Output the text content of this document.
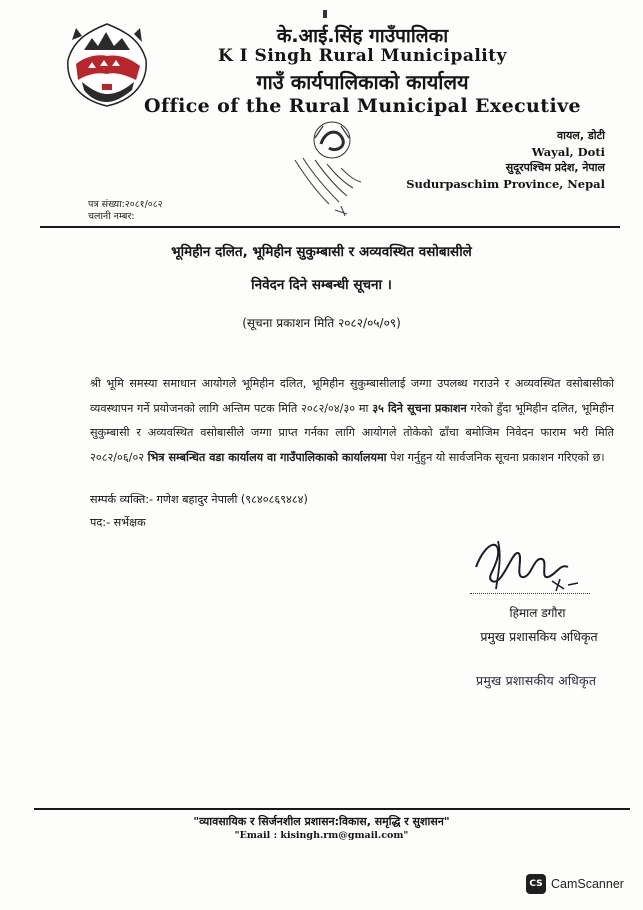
के.आई.सिंह गाउँपालिका
K I Singh Rural Municipality
गाउँ कार्यपालिकाको कार्यालय
Office of the Rural Municipal Executive
वायल, डोटी
Wayal, Doti
सुदूरपश्चिम प्रदेश, नेपाल
Sudurpaschim Province, Nepal
पत्र संख्या:२०८१/०८२
चलानी नम्बर:
भूमिहीन दलित, भूमिहीन सुकुम्बासी र अव्यवस्थित वसोबासीले
निवेदन दिने सम्बन्धी सूचना ।
(सूचना प्रकाशन मिति २०८२/०५/०९)
श्री भूमि समस्या समाधान आयोगले भूमिहीन दलित, भूमिहीन सुकुम्बासीलाई जग्गा उपलब्ध गराउने र अव्यवस्थित वसोबासीको व्यवस्थापन गर्ने प्रयोजनको लागि अन्तिम पटक मिति २०८२/०४/३० मा ३५ दिने सूचना प्रकाशन गरेको हुँदा भूमिहीन दलित, भूमिहीन सुकुम्बासी र अव्यवस्थित वसोबासीले जग्गा प्राप्त गर्नका लागि आयोगले तोकेको ढाँचा बमोजिम निवेदन फाराम भरी मिति २०८२/०६/०२ भित्र सम्बन्धित वडा कार्यालय वा गाउँपालिकाको कार्यालयमा पेश गर्नुहुन यो सार्वजनिक सूचना प्रकाशन गरिएको छ।
सम्पर्क व्यक्ति:- गणेश बहादुर नेपाली (९८४०८६९४८४)
पद:- सर्भेक्षक
हिमाल डगौरा
प्रमुख प्रशासकिय अधिकृत
प्रमुख प्रशासकीय अधिकृत
"व्यावसायिक र सिर्जनशील प्रशासन:विकास, समृद्धि र सुशासन"
"Email : kisingh.rm@gmail.com"
CS CamScanner
